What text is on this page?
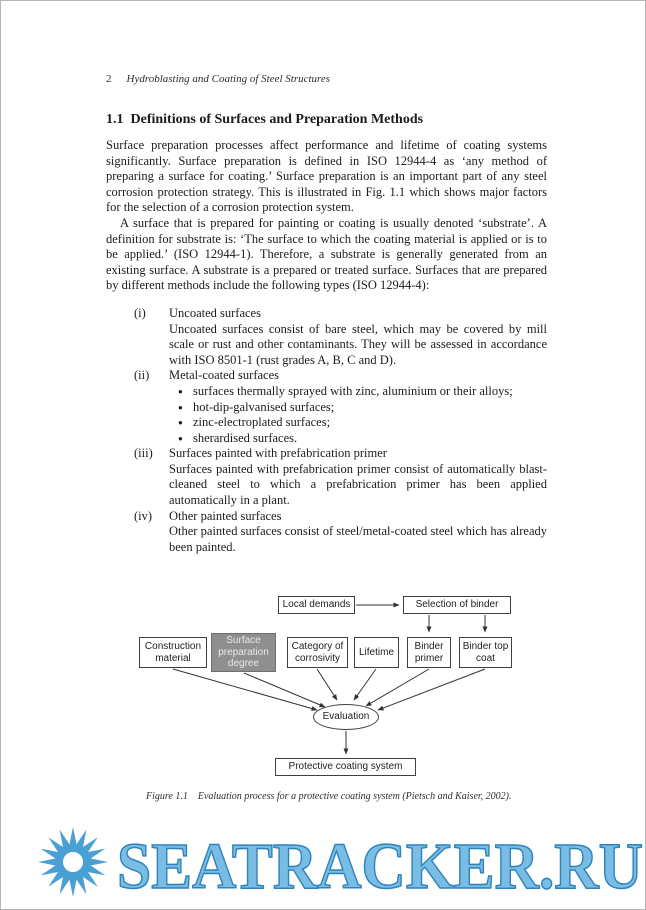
2 Hydroblasting and Coating of Steel Structures
1.1  Definitions of Surfaces and Preparation Methods

Surface preparation processes affect performance and lifetime of coating systems significantly. Surface preparation is defined in ISO 12944-4 as ‘any method of preparing a surface for coating.’ Surface preparation is an important part of any steel corrosion protection strategy. This is illustrated in Fig. 1.1 which shows major factors for the selection of a corrosion protection system.

A surface that is prepared for painting or coating is usually denoted ‘substrate’. A definition for substrate is: ‘The surface to which the coating material is applied or is to be applied.’ (ISO 12944-1). Therefore, a substrate is generally generated from an existing surface. A substrate is a prepared or treated surface. Surfaces that are prepared by different methods include the following types (ISO 12944-4):

(i)	Uncoated surfaces
Uncoated surfaces consist of bare steel, which may be covered by mill scale or rust and other contaminants. They will be assessed in accordance with ISO 8501-1 (rust grades A, B, C and D).
(ii)	Metal-coated surfaces
● surfaces thermally sprayed with zinc, aluminium or their alloys;
● hot-dip-galvanised surfaces;
● zinc-electroplated surfaces;
● sherardised surfaces.
(iii)	Surfaces painted with prefabrication primer
Surfaces painted with prefabrication primer consist of automatically blast-cleaned steel to which a prefabrication primer has been applied automatically in a plant.
(iv)	Other painted surfaces
Other painted surfaces consist of steel/metal-coated steel which has already been painted.
Local demands	Selection of binder
Construction material
Surface preparation degree
Category of corrosivity
Lifetime
Binder primer
Binder top coat
Evaluation
Protective coating system
Figure 1.1    Evaluation process for a protective coating system (Pietsch and Kaiser, 2002).
SEATRACKER.RU
